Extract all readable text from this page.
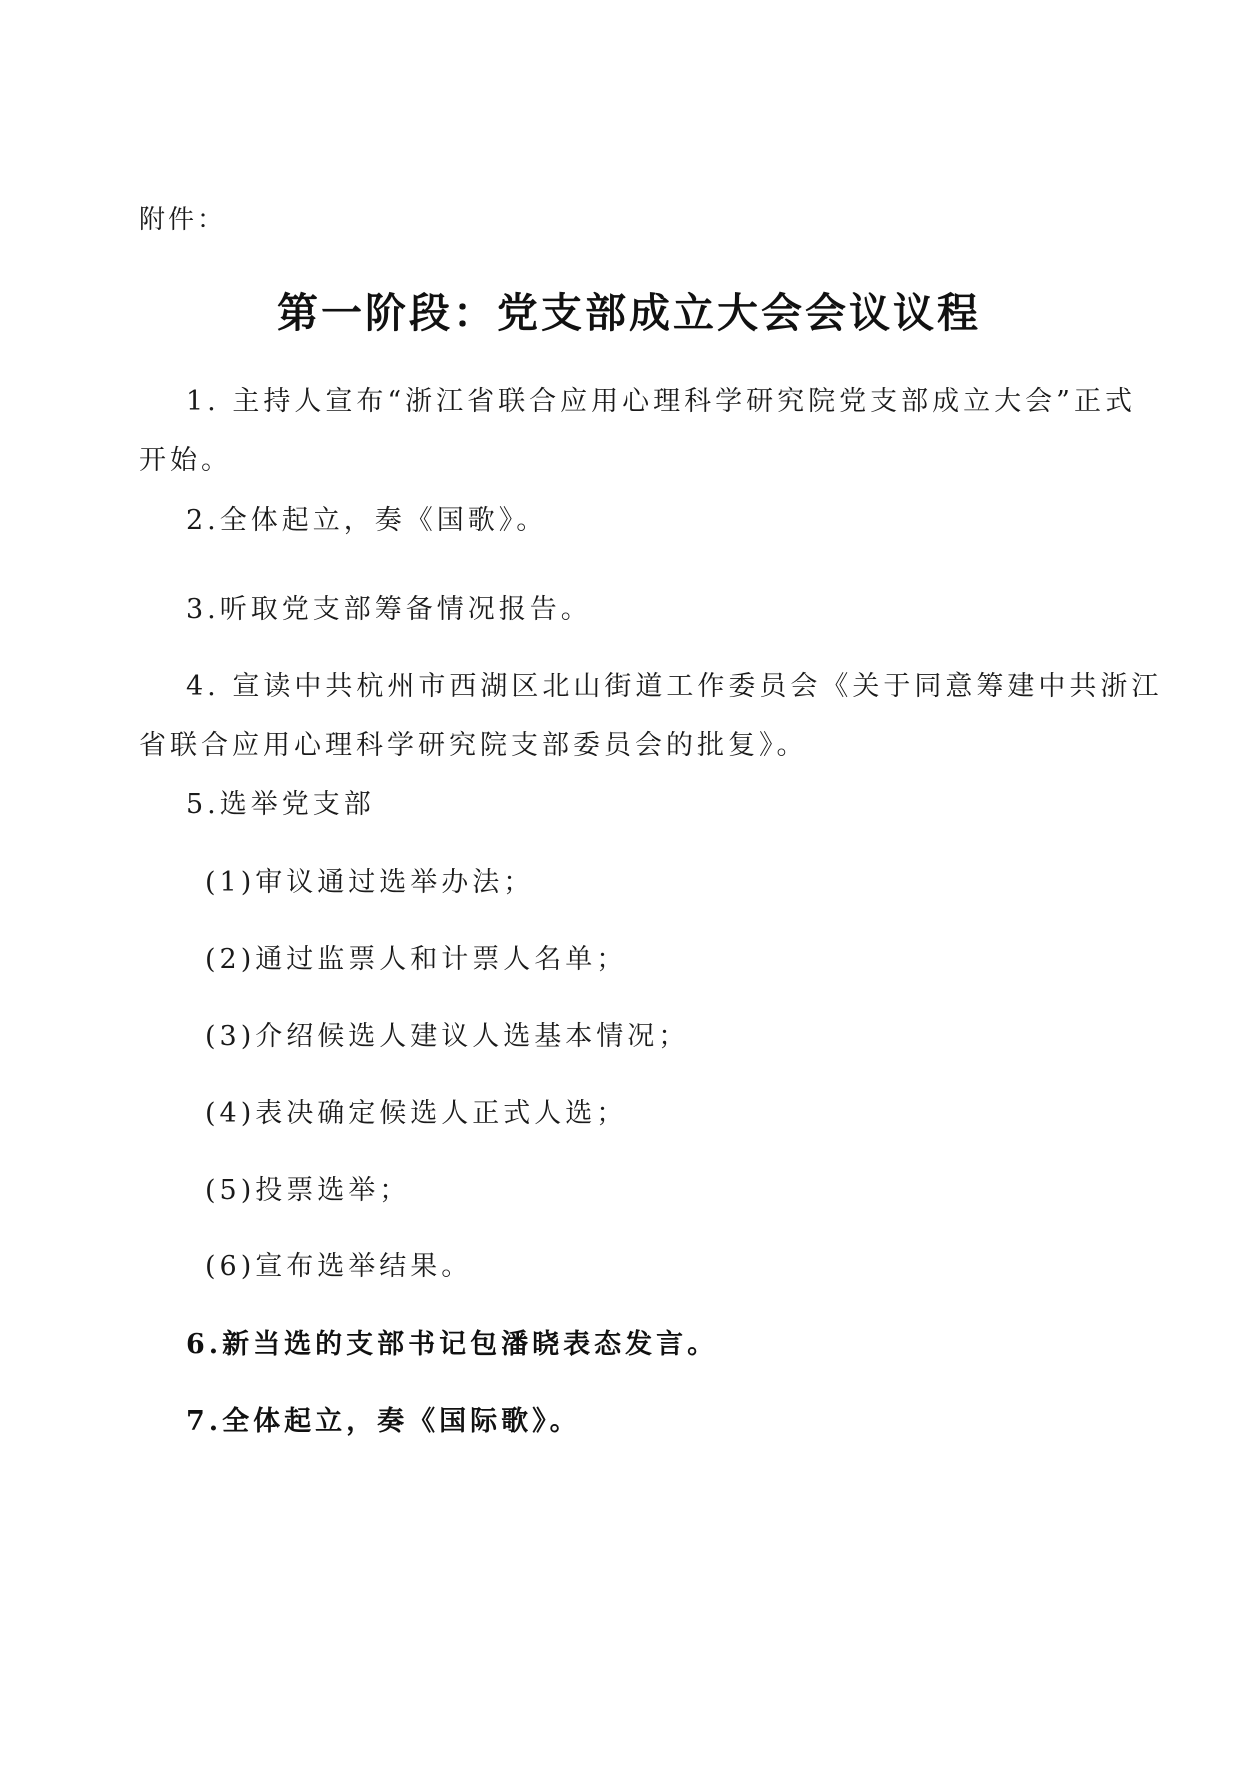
附件：
第一阶段：党支部成立大会会议议程
1. 主持人宣布“浙江省联合应用心理科学研究院党支部成立大会”正式
开始。
2.全体起立，奏《国歌》。
3.听取党支部筹备情况报告。
4. 宣读中共杭州市西湖区北山街道工作委员会《关于同意筹建中共浙江
省联合应用心理科学研究院支部委员会的批复》。
5.选举党支部
(1)审议通过选举办法；
(2)通过监票人和计票人名单；
(3)介绍候选人建议人选基本情况；
(4)表决确定候选人正式人选；
(5)投票选举；
(6)宣布选举结果。
6.新当选的支部书记包潘晓表态发言。
7.全体起立，奏《国际歌》。
